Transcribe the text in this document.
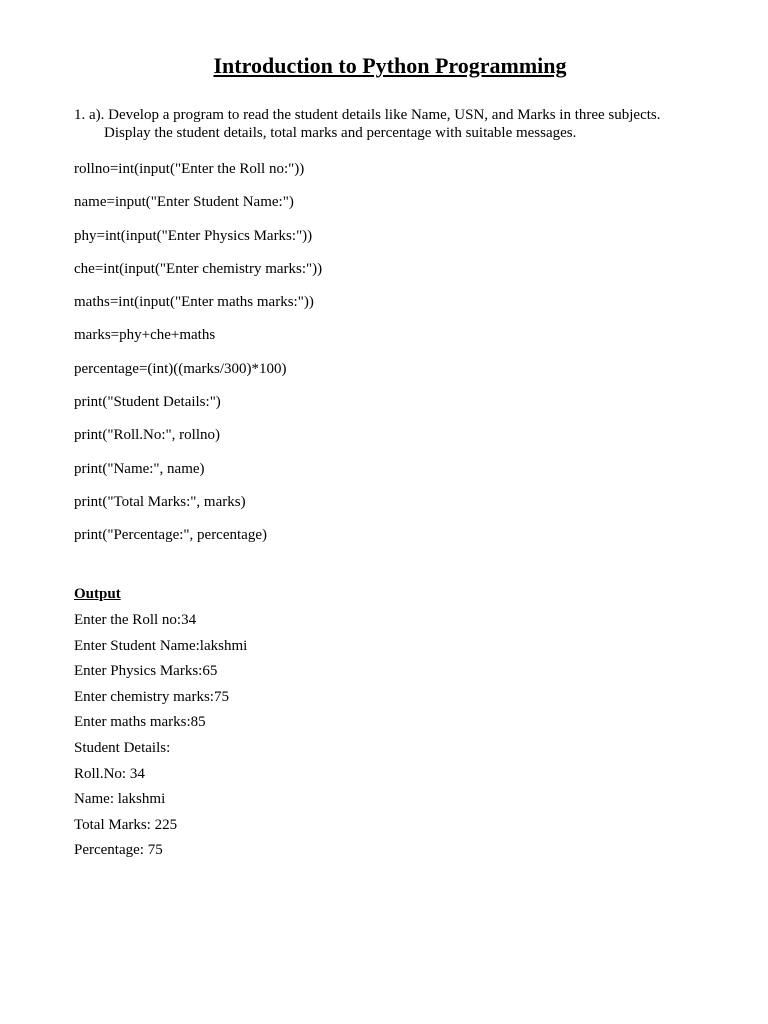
Introduction to Python Programming

1. a). Develop a program to read the student details like Name, USN, and Marks in three subjects.
Display the student details, total marks and percentage with suitable messages.

rollno=int(input("Enter the Roll no:"))
name=input("Enter Student Name:")
phy=int(input("Enter Physics Marks:"))
che=int(input("Enter chemistry marks:"))
maths=int(input("Enter maths marks:"))
marks=phy+che+maths
percentage=(int)((marks/300)*100)
print("Student Details:")
print("Roll.No:", rollno)
print("Name:", name)
print("Total Marks:", marks)
print("Percentage:", percentage)
Output
Enter the Roll no:34
Enter Student Name:lakshmi
Enter Physics Marks:65
Enter chemistry marks:75
Enter maths marks:85
Student Details:
Roll.No: 34
Name: lakshmi
Total Marks: 225
Percentage: 75
